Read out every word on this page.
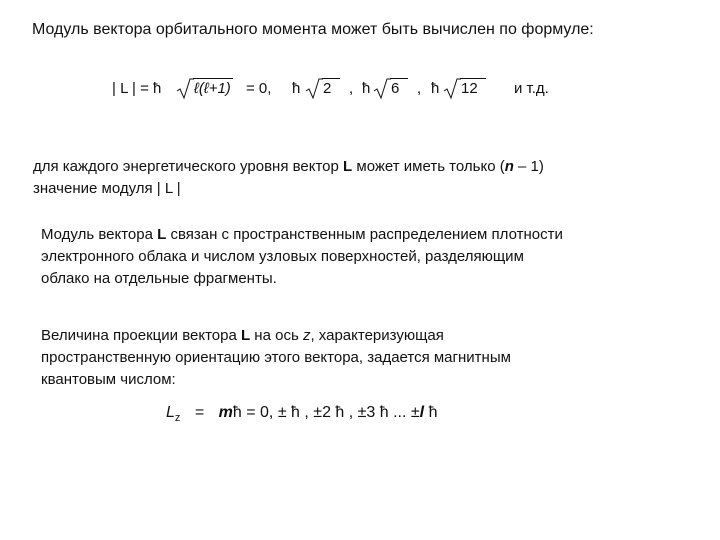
Модуль вектора орбитального момента может быть вычислен по формуле:
| L | = ħ ℓ(ℓ+1) = 0, ħ 2 , ħ 6 , ħ 12 и т.д.
для каждого энергетического уровня вектор L может иметь только (n – 1)
значение модуля | L |
Модуль вектора L связан с пространственным распределением плотности
электронного облака и числом узловых поверхностей, разделяющим
облако на отдельные фрагменты.
Величина проекции вектора L на ось z, характеризующая
пространственную ориентацию этого вектора, задается магнитным
квантовым числом:
$L_z$ = mħ = 0, ± ħ , ±2 ħ , ±3 ħ ... ±l ħ
